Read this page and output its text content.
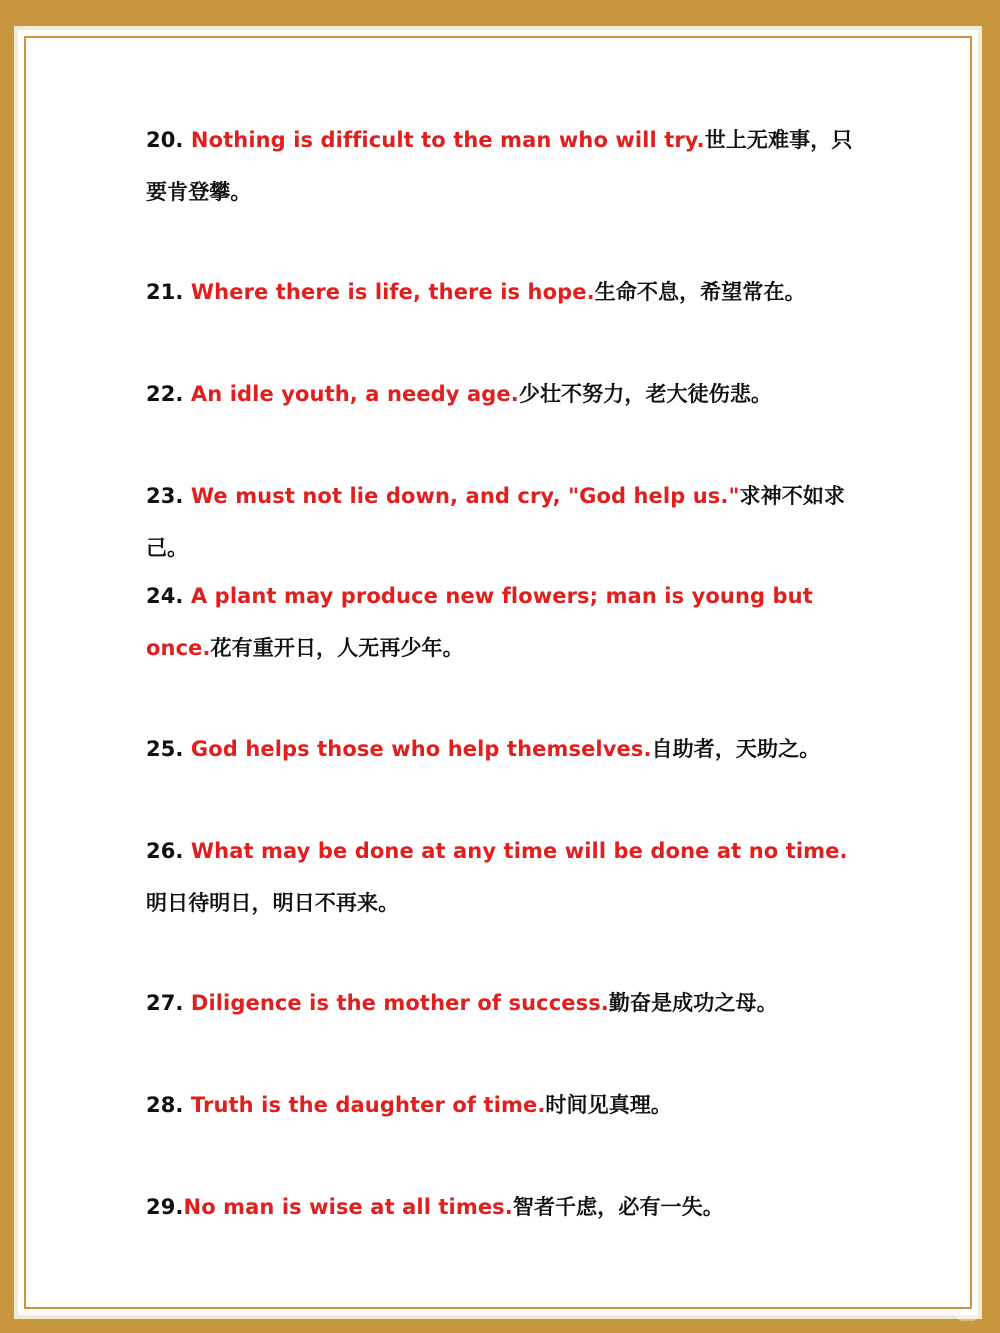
20. Nothing is difficult to the man who will try.世上无难事，只要肯登攀。

21. Where there is life, there is hope.生命不息，希望常在。

22. An idle youth, a needy age.少壮不努力，老大徒伤悲。

23. We must not lie down, and cry, "God help us."求神不如求己。

24. A plant may produce new flowers; man is young but once.花有重开日，人无再少年。

25. God helps those who help themselves.自助者，天助之。

26. What may be done at any time will be done at no time.明日待明日，明日不再来。

27. Diligence is the mother of success.勤奋是成功之母。

28. Truth is the daughter of time.时间见真理。

29.No man is wise at all times.智者千虑，必有一失。
